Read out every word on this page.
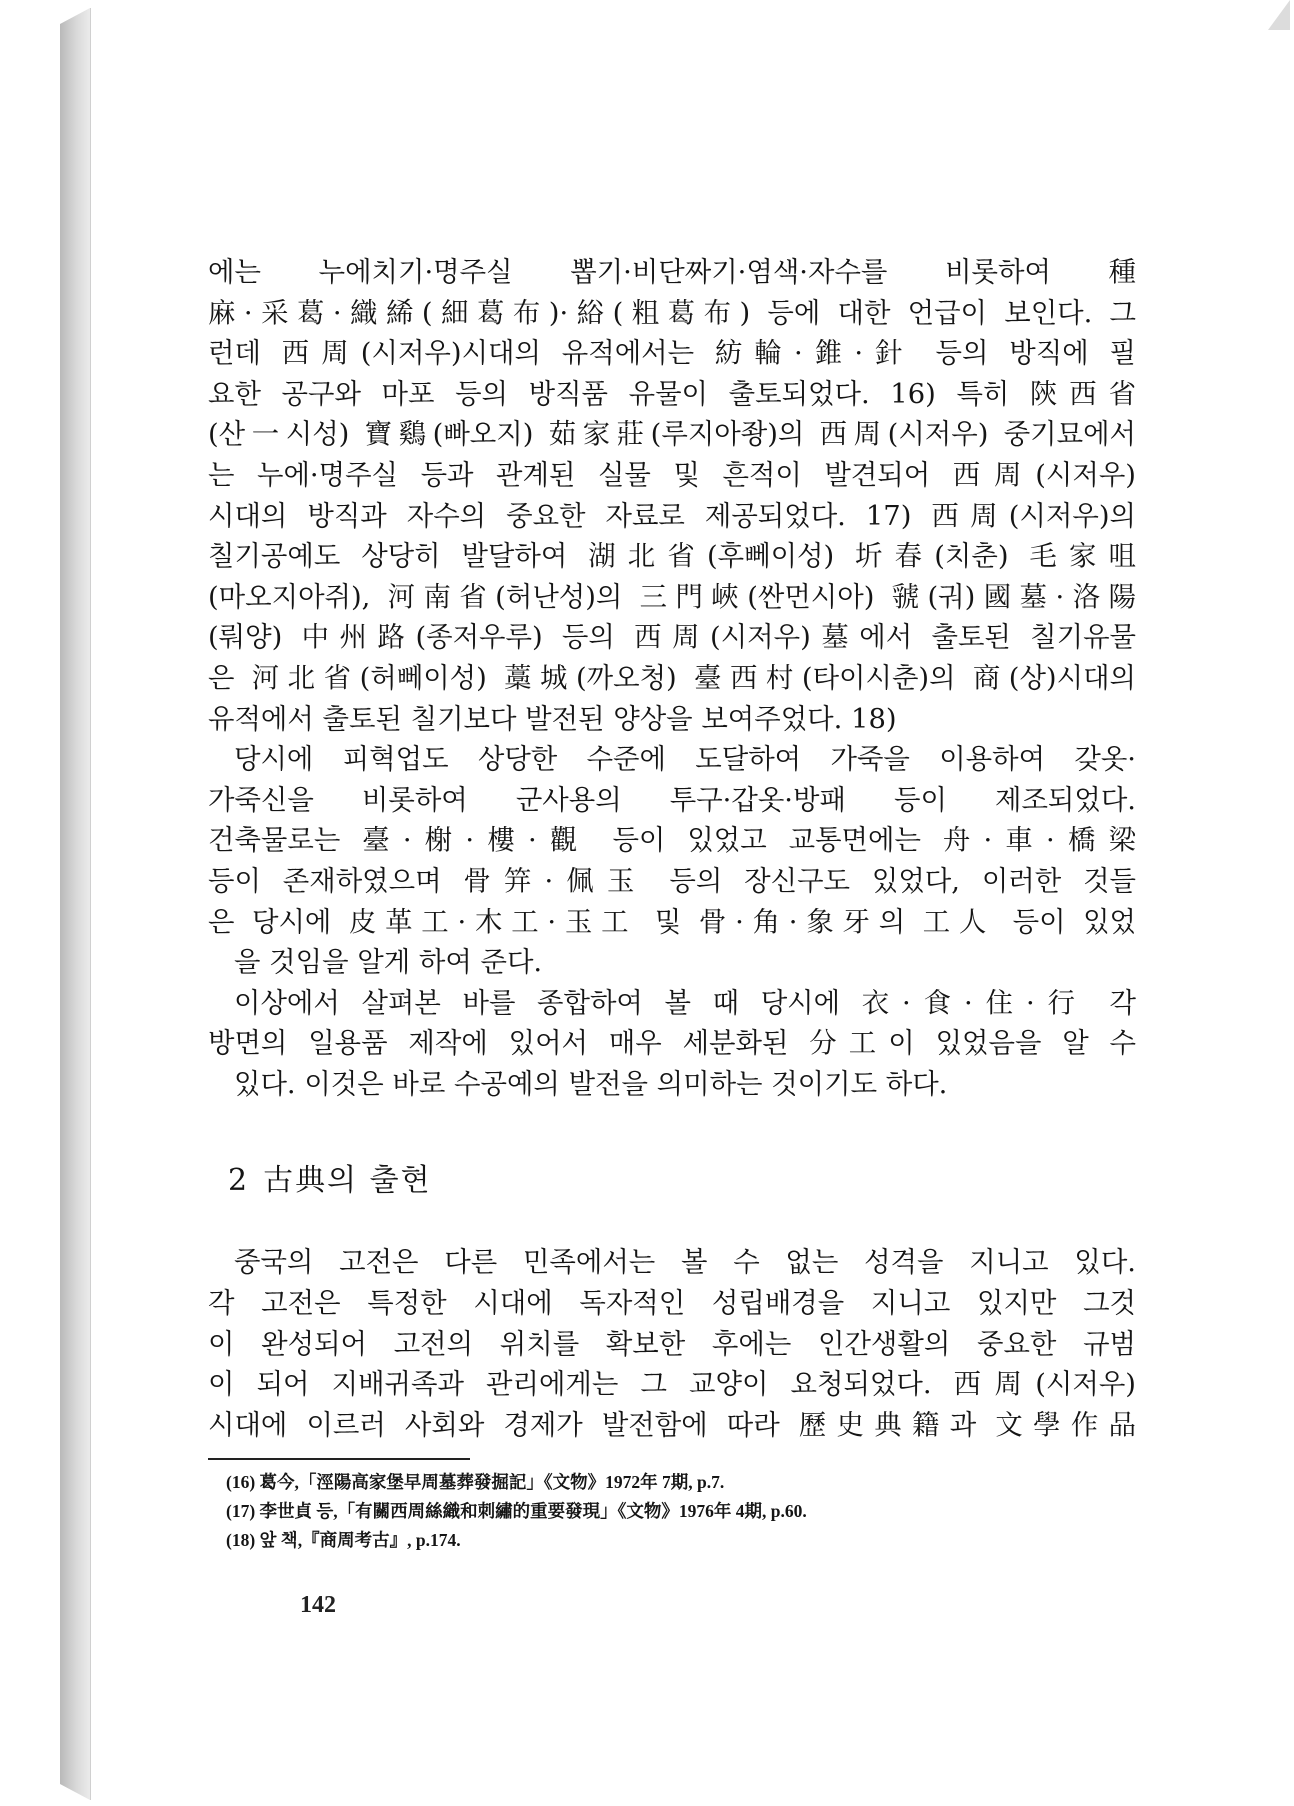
에는 누에치기·명주실 뽑기·비단짜기·염색·자수를 비롯하여 種
麻·采葛·織絺(細葛布)·綌(粗葛布) 등에 대한 언급이 보인다. 그
런데 西周(시저우)시대의 유적에서는 紡輪·錐·針 등의 방직에 필
요한 공구와 마포 등의 방직품 유물이 출토되었다. 16) 특히 陝西省
(산一시성) 寶鷄(빠오지) 茹家莊(루지아좡)의 西周(시저우) 중기묘에서
는 누에·명주실 등과 관계된 실물 및 흔적이 발견되어 西周(시저우)
시대의 방직과 자수의 중요한 자료로 제공되었다. 17) 西周(시저우)의
칠기공예도 상당히 발달하여 湖北省(후뻬이성) 圻春(치춘) 毛家咀
(마오지아쥐), 河南省(허난성)의 三門峽(싼먼시아) 虢(궈)國墓·洛陽
(뤄양) 中州路(종저우루) 등의 西周(시저우)墓에서 출토된 칠기유물
은 河北省(허뻬이성) 藁城(까오청) 臺西村(타이시춘)의 商(상)시대의
유적에서 출토된 칠기보다 발전된 양상을 보여주었다. 18)

당시에 피혁업도 상당한 수준에 도달하여 가죽을 이용하여 갖옷·
가죽신을 비롯하여 군사용의 투구·갑옷·방패 등이 제조되었다.
건축물로는 臺·榭·樓·觀 등이 있었고 교통면에는 舟·車·橋梁
등이 존재하였으며 骨笄·佩玉 등의 장신구도 있었다, 이러한 것들
은 당시에 皮革工·木工·玉工 및 骨·角·象牙의 工人 등이 있었
을 것임을 알게 하여 준다.

이상에서 살펴본 바를 종합하여 볼 때 당시에 衣·食·住·行 각
방면의 일용품 제작에 있어서 매우 세분화된 分工이 있었음을 알 수
있다. 이것은 바로 수공예의 발전을 의미하는 것이기도 하다.

2 古典의 출현

중국의 고전은 다른 민족에서는 볼 수 없는 성격을 지니고 있다.
각 고전은 특정한 시대에 독자적인 성립배경을 지니고 있지만 그것
이 완성되어 고전의 위치를 확보한 후에는 인간생활의 중요한 규범
이 되어 지배귀족과 관리에게는 그 교양이 요청되었다. 西周(시저우)
시대에 이르러 사회와 경제가 발전함에 따라 歷史典籍과 文學作品

(16) 葛今,「涇陽高家堡早周墓葬發掘記」《文物》1972年 7期, p.7.

(17) 李世貞 등,「有關西周絲織和刺繡的重要發現」《文物》1976年 4期, p.60.

(18) 앞 책,『商周考古』, p.174.

142
